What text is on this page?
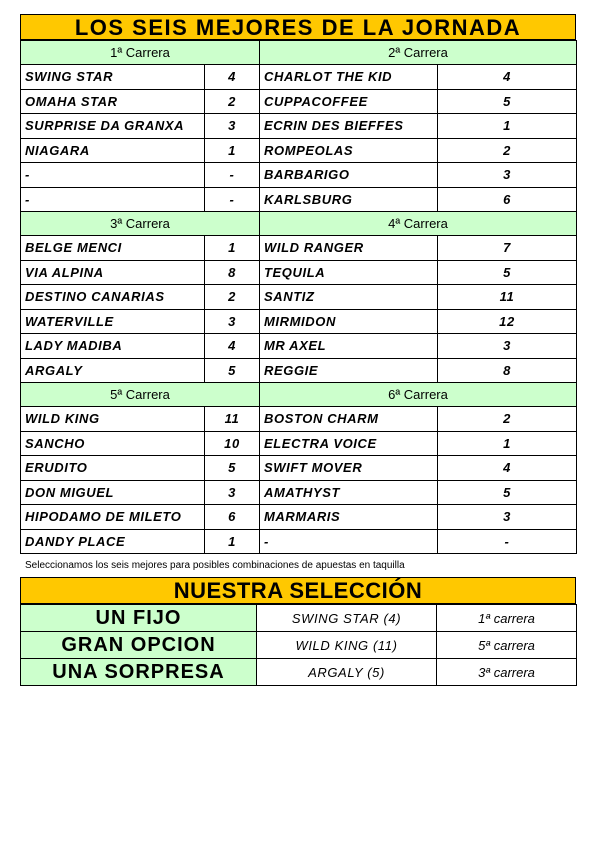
LOS SEIS MEJORES DE LA JORNADA
1ª Carrera		2ª Carrera	
SWING STAR	4	CHARLOT THE KID	4
OMAHA STAR	2	CUPPACOFFEE	5
SURPRISE DA GRANXA	3	ECRIN DES BIEFFES	1
NIAGARA	1	ROMPEOLAS	2
-	-	BARBARIGO	3
-	-	KARLSBURG	6
3ª Carrera		4ª Carrera	
BELGE MENCI	1	WILD RANGER	7
VIA ALPINA	8	TEQUILA	5
DESTINO CANARIAS	2	SANTIZ	11
WATERVILLE	3	MIRMIDON	12
LADY MADIBA	4	MR AXEL	3
ARGALY	5	REGGIE	8
5ª Carrera		6ª Carrera	
WILD KING	11	BOSTON CHARM	2
SANCHO	10	ELECTRA VOICE	1
ERUDITO	5	SWIFT MOVER	4
DON MIGUEL	3	AMATHYST	5
HIPODAMO DE MILETO	6	MARMARIS	3
DANDY PLACE	1	-	-
Seleccionamos los seis mejores para posibles combinaciones de apuestas en taquilla
NUESTRA SELECCIÓN
UN FIJO	SWING STAR (4)	1ª carrera
GRAN OPCION	WILD KING (11)	5ª carrera
UNA SORPRESA	ARGALY (5)	3ª carrera
